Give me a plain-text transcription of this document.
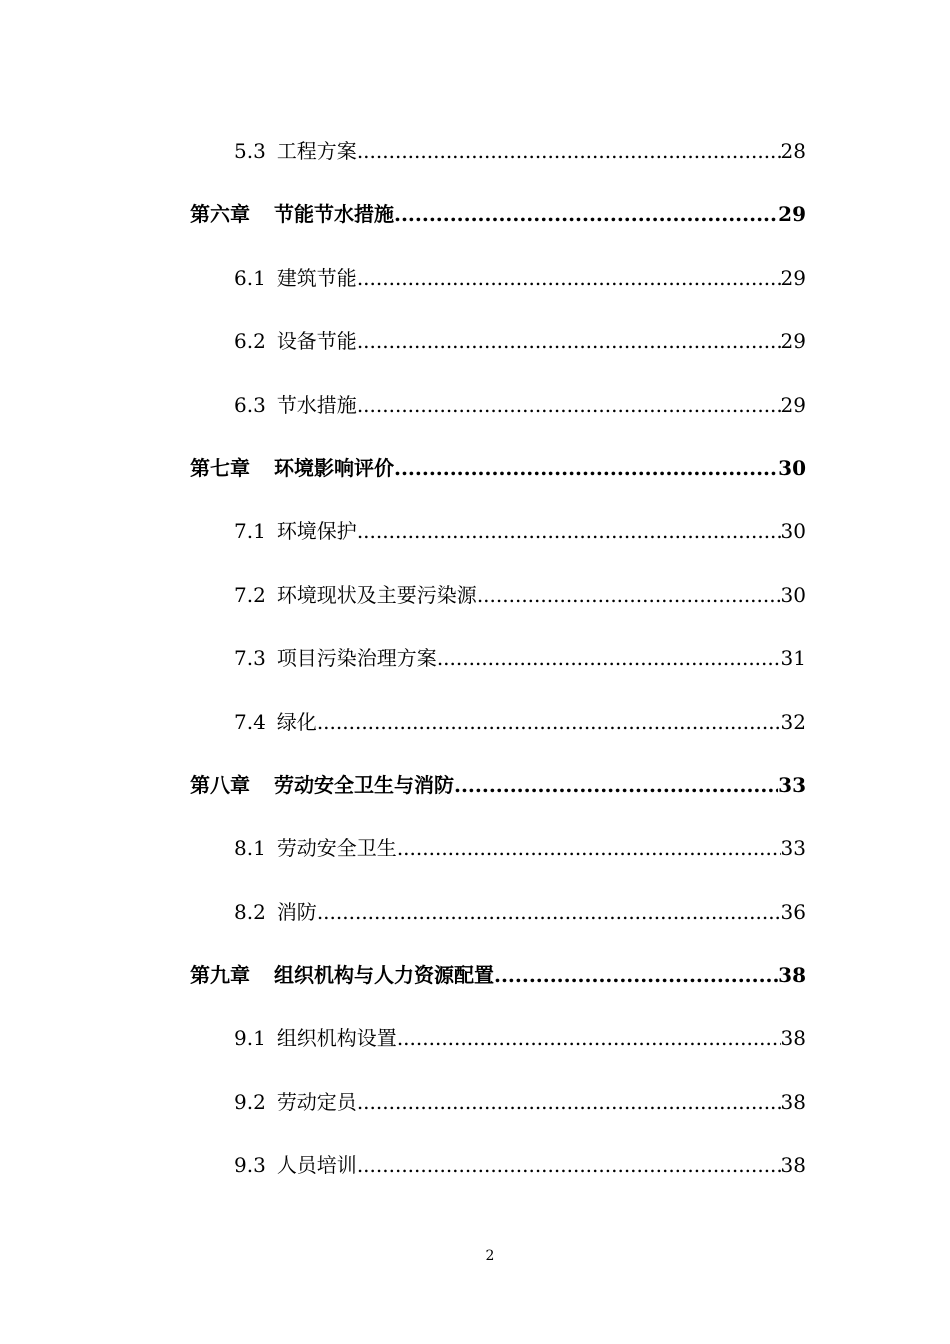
5.3 工程方案 .....	28
第六章 节能节水措施 .....	29
6.1 建筑节能 .....	29
6.2 设备节能 .....	29
6.3 节水措施 .....	29
第七章 环境影响评价 .....	30
7.1 环境保护 .....	30
7.2 环境现状及主要污染源 .....	30
7.3 项目污染治理方案 .....	31
7.4 绿化 .....	32
第八章 劳动安全卫生与消防 .....	33
8.1 劳动安全卫生 .....	33
8.2 消防 .....	36
第九章 组织机构与人力资源配置 .....	38
9.1 组织机构设置 .....	38
9.2 劳动定员 .....	38
9.3 人员培训 .....	38
2
